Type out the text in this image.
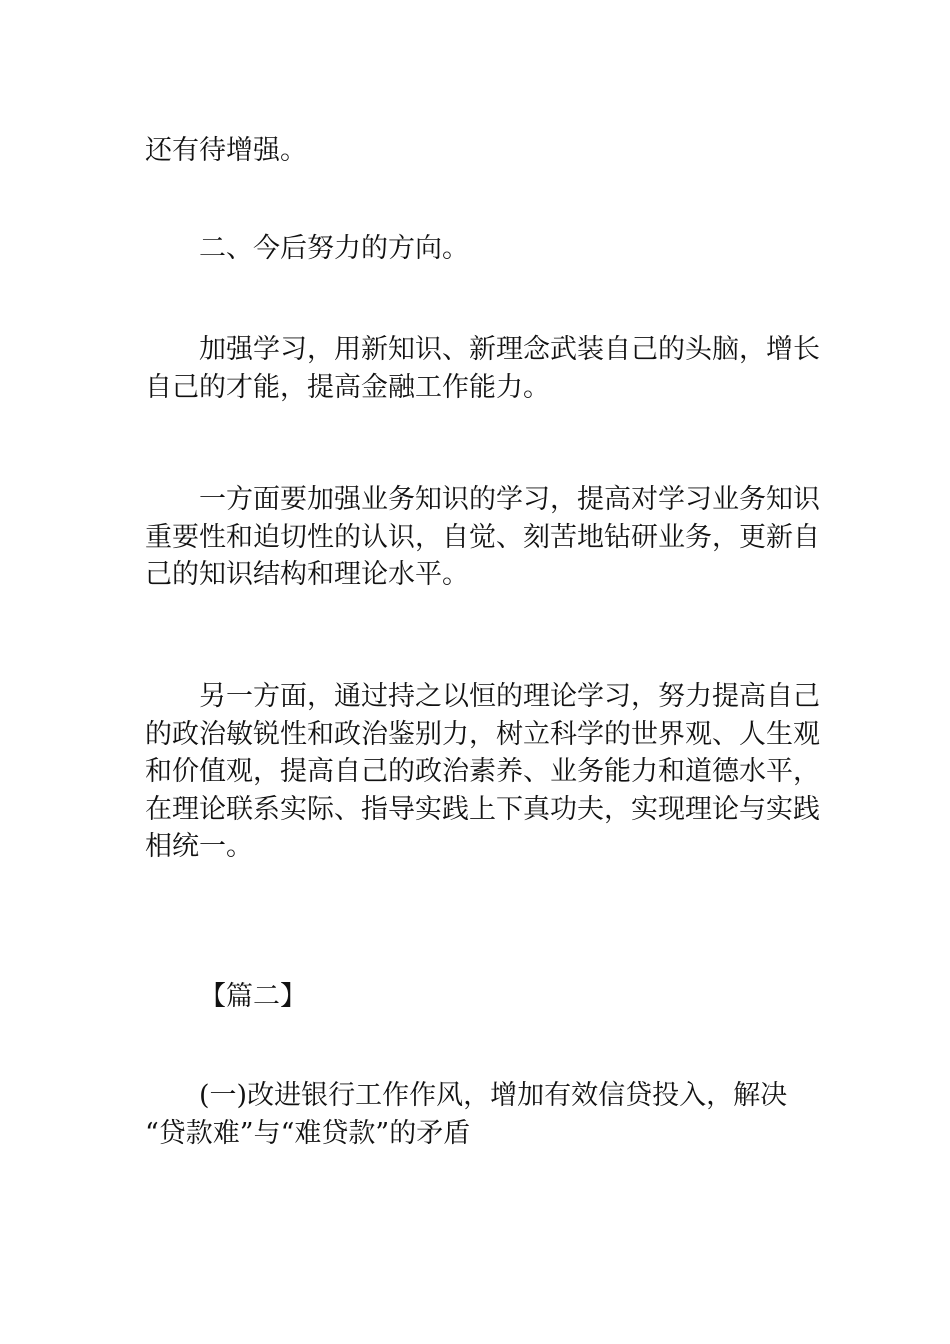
还有待增强。
二、今后努力的方向。
加强学习，用新知识、新理念武装自己的头脑，增长
自己的才能，提高金融工作能力。
一方面要加强业务知识的学习，提高对学习业务知识
重要性和迫切性的认识，自觉、刻苦地钻研业务，更新自
己的知识结构和理论水平。
另一方面，通过持之以恒的理论学习，努力提高自己
的政治敏锐性和政治鉴别力，树立科学的世界观、人生观
和价值观，提高自己的政治素养、业务能力和道德水平，
在理论联系实际、指导实践上下真功夫，实现理论与实践
相统一。
【篇二】
(一)改进银行工作作风，增加有效信贷投入，解决
“贷款难”与“难贷款”的矛盾
